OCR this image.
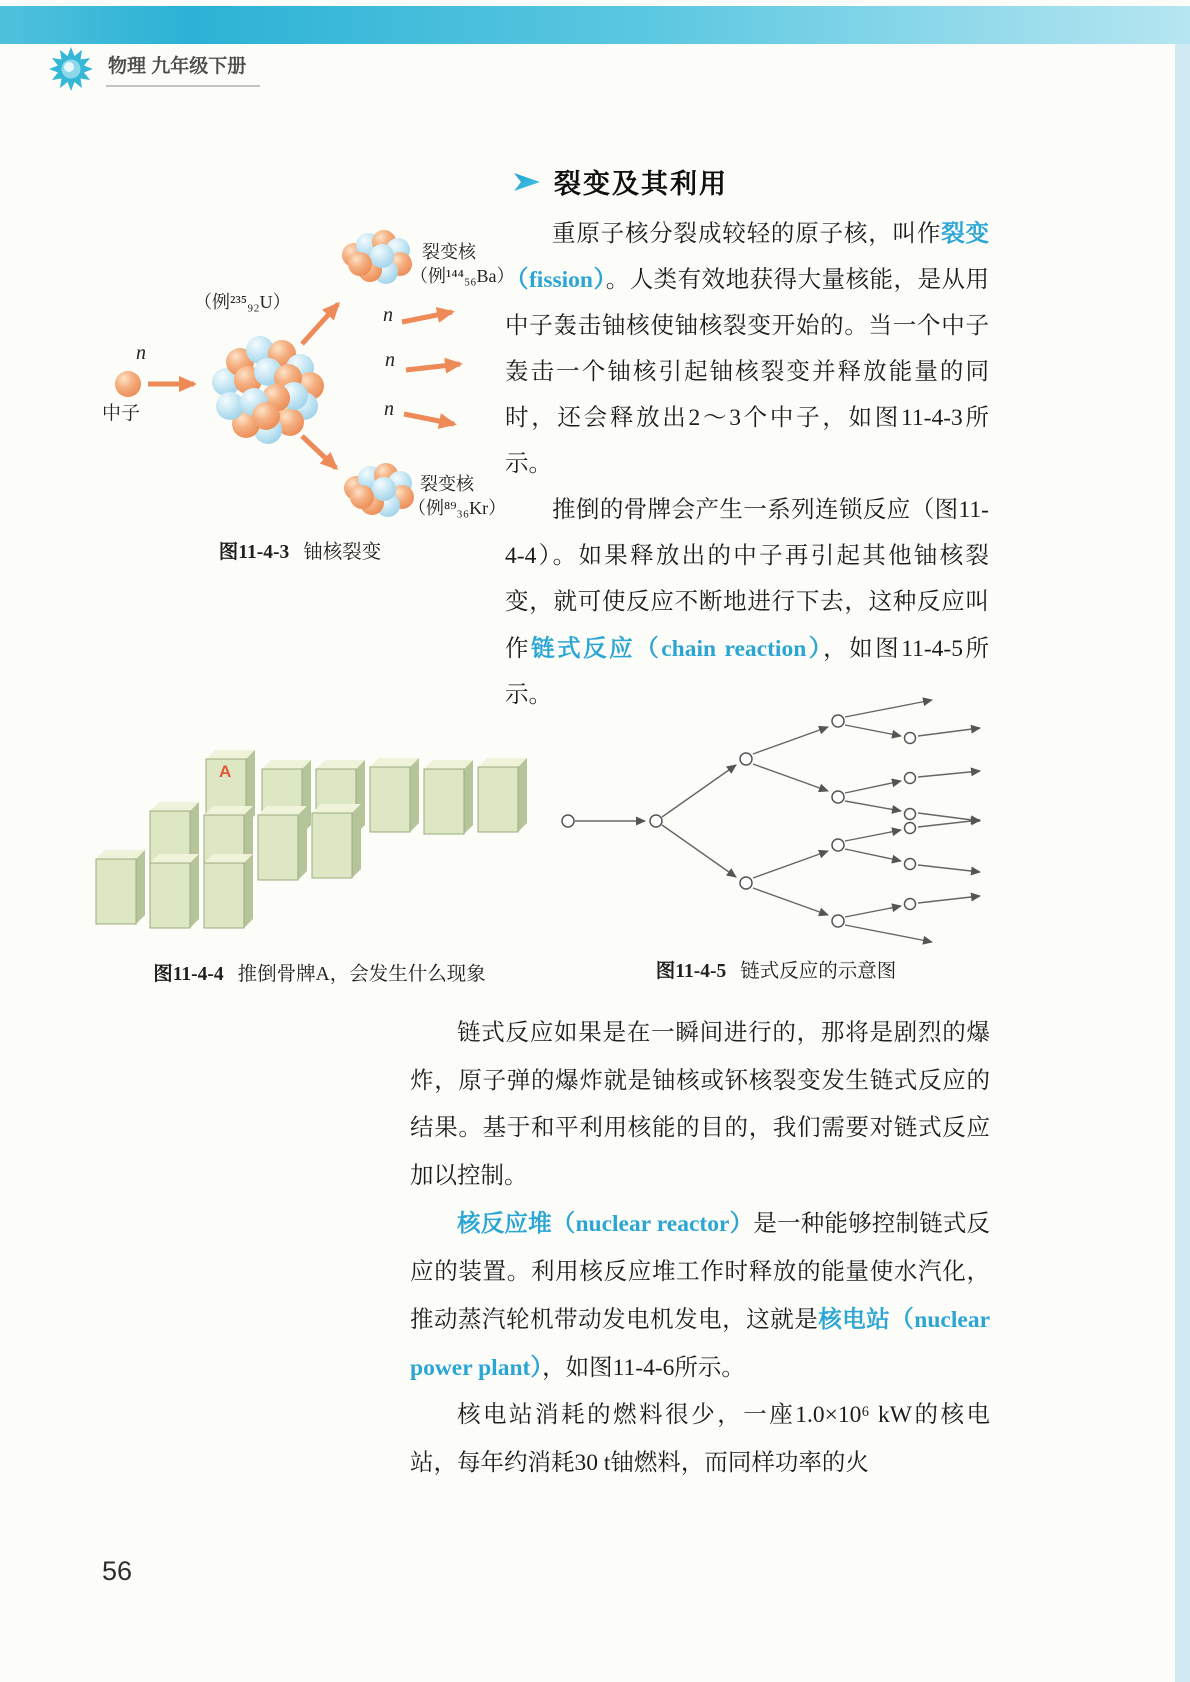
物理 九年级下册
裂变及其利用
n
中子
（例²³⁵₉₂U）
裂变核
（例¹⁴⁴₅₆Ba）
裂变核
（例⁸⁹₃₆Kr）
n
n
n
图11-4-3 铀核裂变

重原子核分裂成较轻的原子核，叫作裂变（fission）。人类有效地获得大量核能，是从用中子轰击铀核使铀核裂变开始的。当一个中子轰击一个铀核引起铀核裂变并释放能量的同时，还会释放出2～3个中子，如图11-4-3所示。

推倒的骨牌会产生一系列连锁反应（图11-4-4）。如果释放出的中子再引起其他铀核裂变，就可使反应不断地进行下去，这种反应叫作链式反应（chain reaction），如图11-4-5所示。

A
图11-4-4 推倒骨牌A，会发生什么现象	图11-4-5 链式反应的示意图

链式反应如果是在一瞬间进行的，那将是剧烈的爆炸，原子弹的爆炸就是铀核或钚核裂变发生链式反应的结果。基于和平利用核能的目的，我们需要对链式反应加以控制。

核反应堆（nuclear reactor）是一种能够控制链式反应的装置。利用核反应堆工作时释放的能量使水汽化，推动蒸汽轮机带动发电机发电，这就是核电站（nuclear power plant），如图11-4-6所示。

核电站消耗的燃料很少，一座1.0×10⁶ kW的核电站，每年约消耗30 t铀燃料，而同样功率的火

56
